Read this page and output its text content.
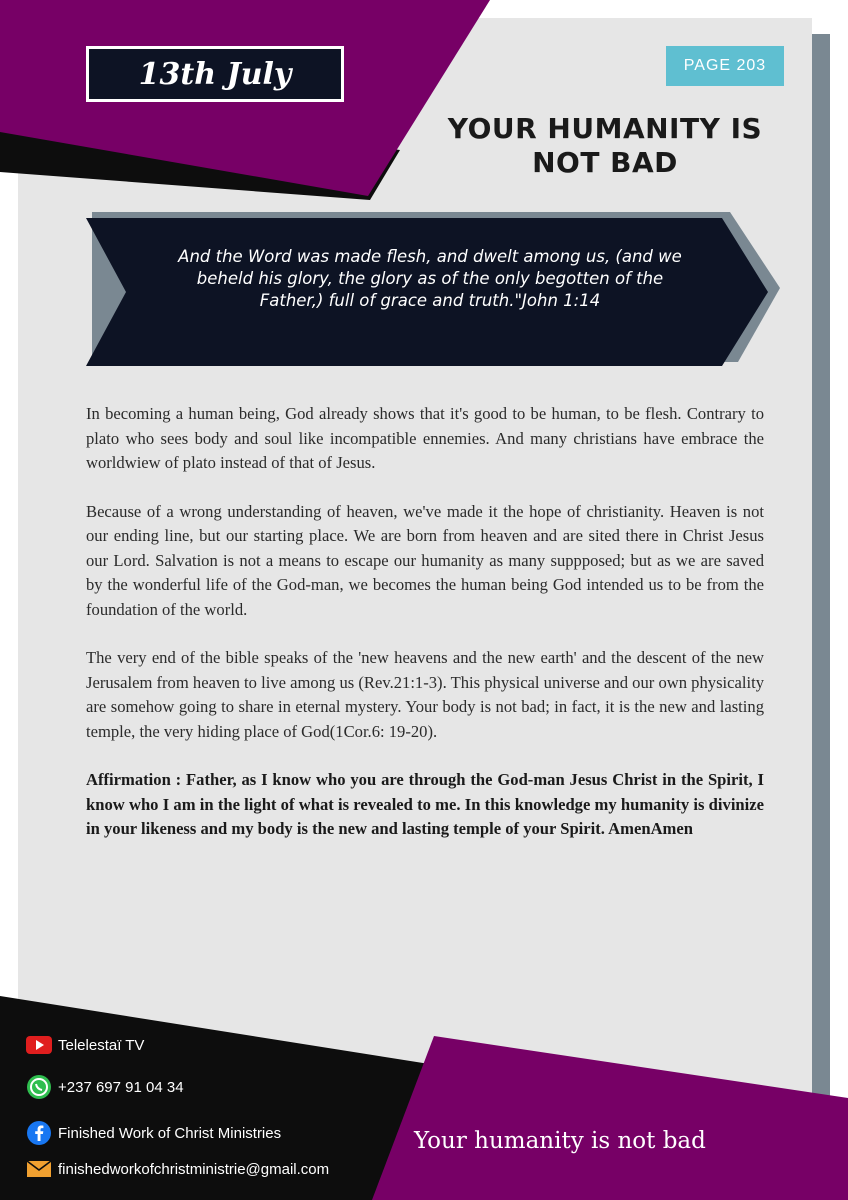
13th July	PAGE 203
YOUR HUMANITY IS
NOT BAD
And the Word was made flesh, and dwelt among us, (and we
beheld his glory, the glory as of the only begotten of the
Father,) full of grace and truth."John 1:14

In becoming a human being, God already shows that it's good to be human, to be flesh. Contrary to plato who sees body and soul like incompatible ennemies. And many christians have embrace the worldwiew of plato instead of that of Jesus.

Because of a wrong understanding of heaven, we've made it the hope of christianity. Heaven is not our ending line, but our starting place. We are born from heaven and are sited there in Christ Jesus our Lord. Salvation is not a means to escape our humanity as many suppposed; but as we are saved by the wonderful life of the God-man, we becomes the human being God intended us to be from the foundation of the world.

The very end of the bible speaks of the 'new heavens and the new earth' and the descent of the new Jerusalem from heaven to live among us (Rev.21:1-3). This physical universe and our own physicality are somehow going to share in eternal mystery. Your body is not bad; in fact, it is the new and lasting temple, the very hiding place of God(1Cor.6: 19-20).

Affirmation : Father, as I know who you are through the God-man Jesus Christ in the Spirit, I know who I am in the light of what is revealed to me. In this knowledge my humanity is divinize in your likeness and my body is the new and lasting temple of your Spirit. AmenAmen

Telelestaï TV
+237 697 91 04 34
Finished Work of Christ Ministries
finishedworkofchristministrie@gmail.com
Your humanity is not bad
